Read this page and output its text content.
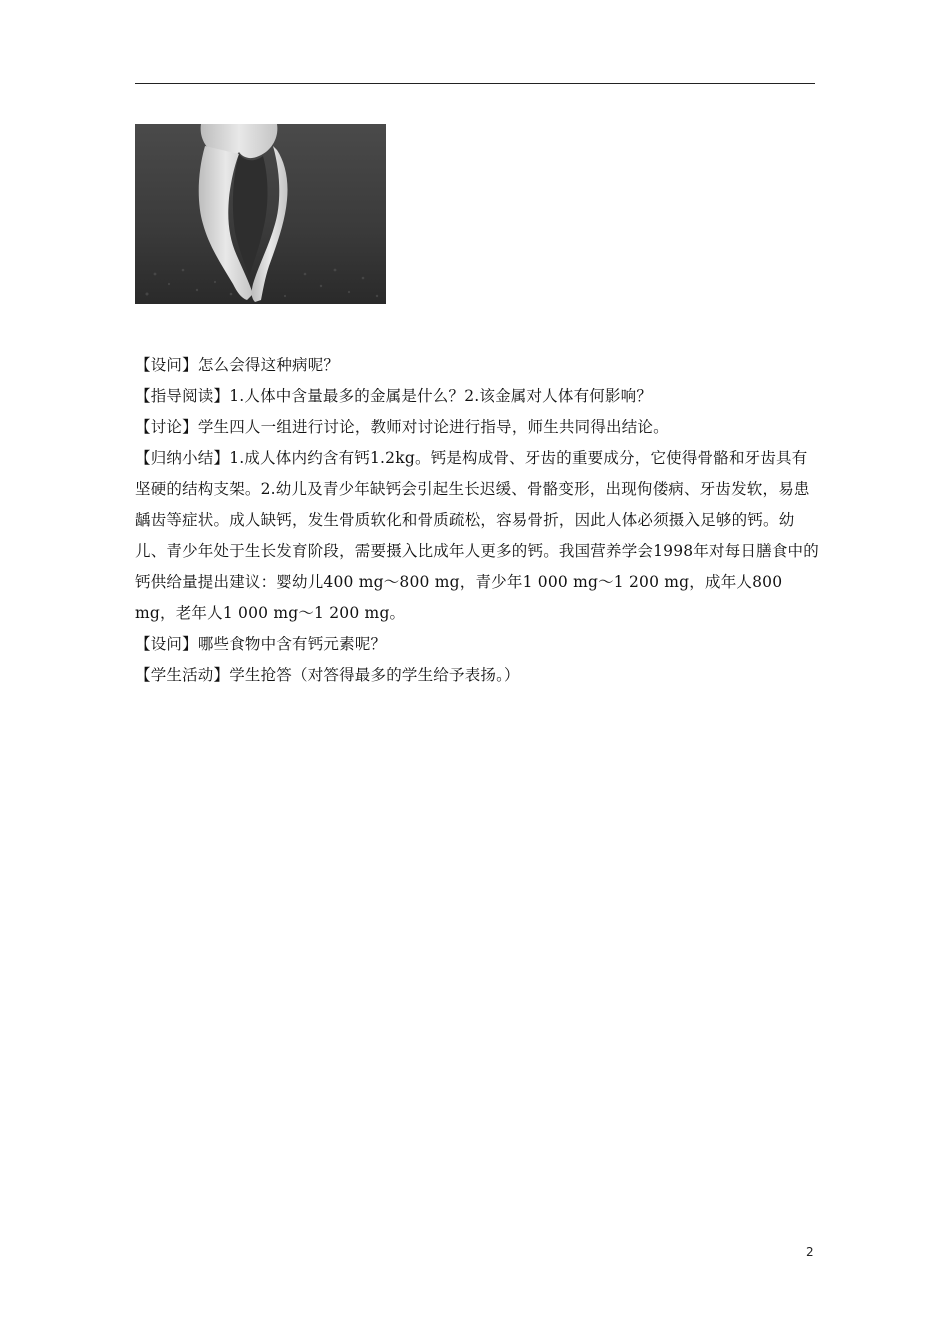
【设问】怎么会得这种病呢？

【指导阅读】1.人体中含量最多的金属是什么？2.该金属对人体有何影响？

【讨论】学生四人一组进行讨论，教师对讨论进行指导，师生共同得出结论。

【归纳小结】1.成人体内约含有钙1.2kg。钙是构成骨、牙齿的重要成分，它使得骨骼和牙齿具有坚硬的结构支架。2.幼儿及青少年缺钙会引起生长迟缓、骨骼变形，出现佝偻病、牙齿发软，易患龋齿等症状。成人缺钙，发生骨质软化和骨质疏松，容易骨折，因此人体必须摄入足够的钙。幼儿、青少年处于生长发育阶段，需要摄入比成年人更多的钙。我国营养学会1998年对每日膳食中的钙供给量提出建议：婴幼儿400 mg～800 mg，青少年1 000 mg～1 200 mg，成年人800 mg，老年人1 000 mg～1 200 mg。

【设问】哪些食物中含有钙元素呢？

【学生活动】学生抢答（对答得最多的学生给予表扬。）

2
